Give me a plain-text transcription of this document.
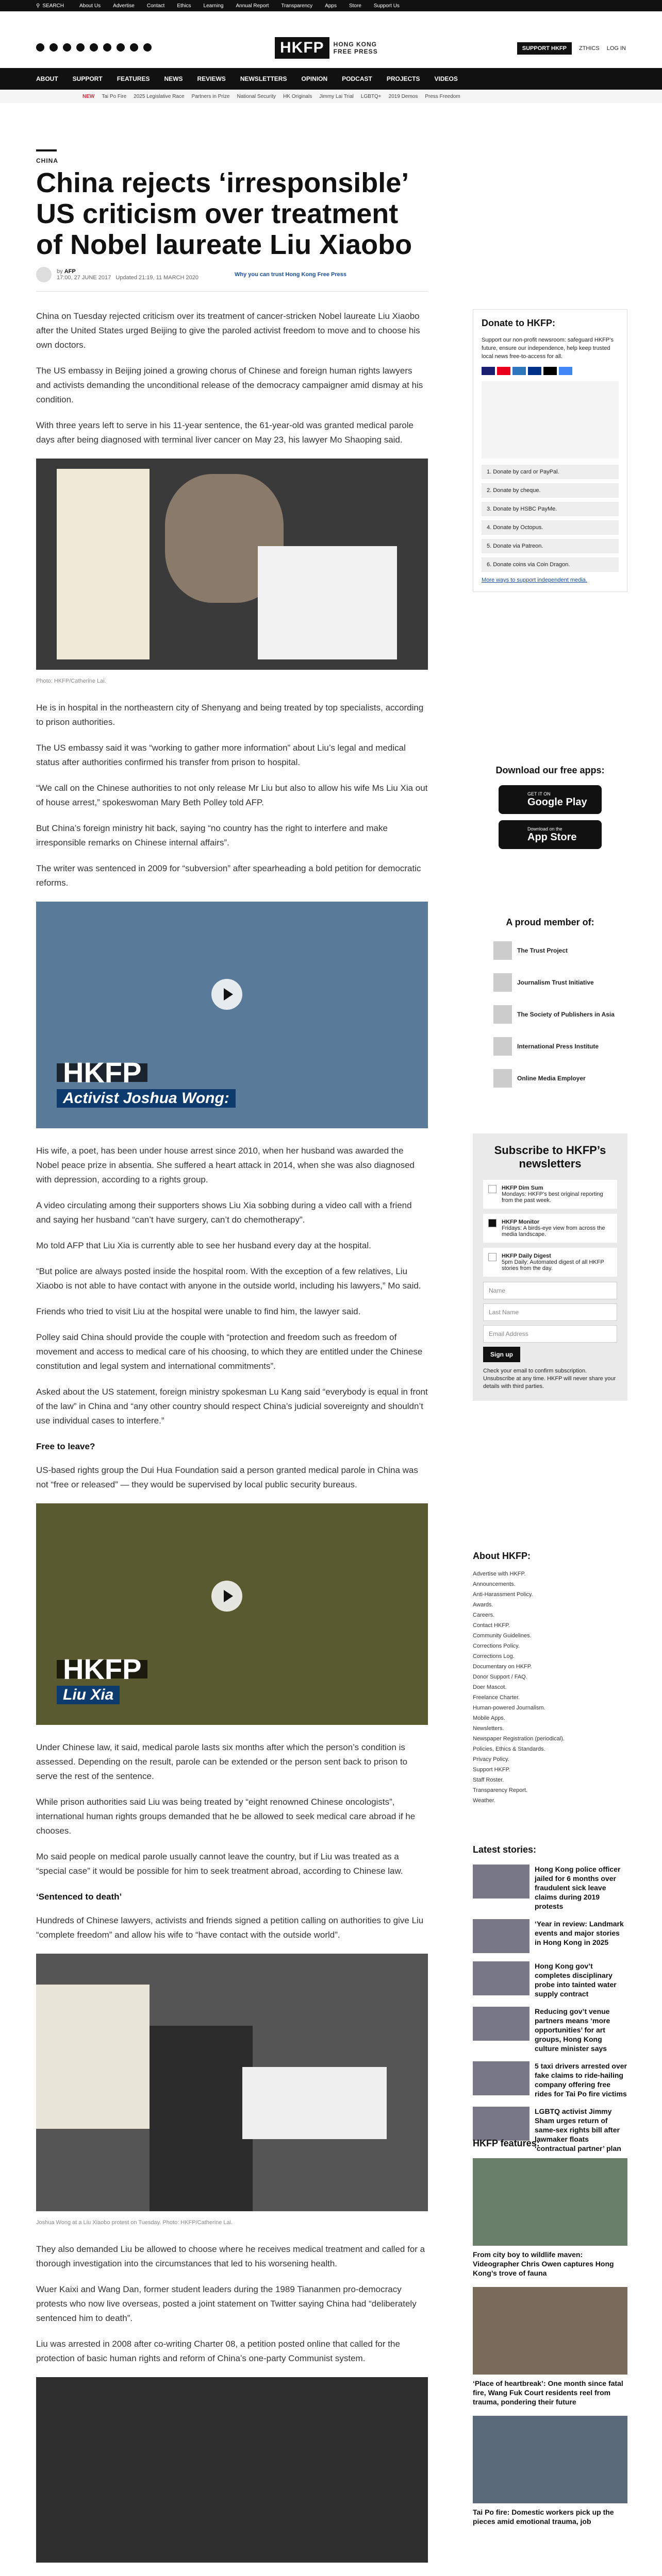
⚲ SEARCH	About Us Advertise Contact Ethics Learning Annual Report Transparency Apps Store Support Us
HKFP	HONG KONG
FREE PRESS	SUPPORT HKFP	ZTHICS LOG IN
ABOUT SUPPORT FEATURES NEWS REVIEWS NEWSLETTERS OPINION PODCAST PROJECTS VIDEOS
NEW Tai Po Fire 2025 Legislative Race Partners in Prize National Security HK Originals Jimmy Lai Trial LGBTQ+ 2019 Demos Press Freedom
CHINA
China rejects ‘irresponsible’ US criticism over treatment of Nobel laureate Liu Xiaobo
by AFP
17:00, 27 JUNE 2017 Updated 21:19, 11 MARCH 2020	Why you can trust Hong Kong Free Press

China on Tuesday rejected criticism over its treatment of cancer-stricken Nobel laureate Liu Xiaobo after the United States urged Beijing to give the paroled activist freedom to move and to choose his own doctors.

The US embassy in Beijing joined a growing chorus of Chinese and foreign human rights lawyers and activists demanding the unconditional release of the democracy campaigner amid dismay at his condition.

With three years left to serve in his 11-year sentence, the 61-year-old was granted medical parole days after being diagnosed with terminal liver cancer on May 23, his lawyer Mo Shaoping said.

Photo: HKFP/Catherine Lai.

He is in hospital in the northeastern city of Shenyang and being treated by top specialists, according to prison authorities.

The US embassy said it was “working to gather more information” about Liu’s legal and medical status after authorities confirmed his transfer from prison to hospital.

“We call on the Chinese authorities to not only release Mr Liu but also to allow his wife Ms Liu Xia out of house arrest,” spokeswoman Mary Beth Polley told AFP.

But China’s foreign ministry hit back, saying “no country has the right to interfere and make irresponsible remarks on Chinese internal affairs”.

The writer was sentenced in 2009 for “subversion” after spearheading a bold petition for democratic reforms.

HKFP
Activist Joshua Wong:

His wife, a poet, has been under house arrest since 2010, when her husband was awarded the Nobel peace prize in absentia. She suffered a heart attack in 2014, when she was also diagnosed with depression, according to a rights group.

A video circulating among their supporters shows Liu Xia sobbing during a video call with a friend and saying her husband “can’t have surgery, can’t do chemotherapy”.

Mo told AFP that Liu Xia is currently able to see her husband every day at the hospital.

“But police are always posted inside the hospital room. With the exception of a few relatives, Liu Xiaobo is not able to have contact with anyone in the outside world, including his lawyers,” Mo said.

Friends who tried to visit Liu at the hospital were unable to find him, the lawyer said.

Polley said China should provide the couple with “protection and freedom such as freedom of movement and access to medical care of his choosing, to which they are entitled under the Chinese constitution and legal system and international commitments”.

Asked about the US statement, foreign ministry spokesman Lu Kang said “everybody is equal in front of the law” in China and “any other country should respect China’s judicial sovereignty and shouldn’t use individual cases to interfere.”

Free to leave?

US-based rights group the Dui Hua Foundation said a person granted medical parole in China was not “free or released” — they would be supervised by local public security bureaus.

HKFP
Liu Xia

Under Chinese law, it said, medical parole lasts six months after which the person’s condition is assessed. Depending on the result, parole can be extended or the person sent back to prison to serve the rest of the sentence.

While prison authorities said Liu was being treated by “eight renowned Chinese oncologists”, international human rights groups demanded that he be allowed to seek medical care abroad if he chooses.

Mo said people on medical parole usually cannot leave the country, but if Liu was treated as a “special case” it would be possible for him to seek treatment abroad, according to Chinese law.

‘Sentenced to death’

Hundreds of Chinese lawyers, activists and friends signed a petition calling on authorities to give Liu “complete freedom” and allow his wife to “have contact with the outside world”.

Joshua Wong at a Liu Xiaobo protest on Tuesday. Photo: HKFP/Catherine Lai.

They also demanded Liu be allowed to choose where he receives medical treatment and called for a thorough investigation into the circumstances that led to his worsening health.

Wuer Kaixi and Wang Dan, former student leaders during the 1989 Tiananmen pro-democracy protests who now live overseas, posted a joint statement on Twitter saying China had “deliberately sentenced him to death”.

Liu was arrested in 2008 after co-writing Charter 08, a petition posted online that called for the protection of basic human rights and reform of China’s one-party Communist system.

Donate to HKFP:

Support our non-profit newsroom: safeguard HKFP’s future, ensure our independence, help keep trusted local news free-to-access for all.

1. Donate by card or PayPal.
2. Donate by cheque.
3. Donate by HSBC PayMe.
4. Donate by Octopus.
5. Donate via Patreon.
6. Donate coins via Coin Dragon.
More ways to support independent media.
Download our free apps:
GET IT ON
Google Play
Download on the
App Store
A proud member of:
The Trust Project
Journalism Trust Initiative
The Society of Publishers in Asia
International Press Institute
Online Media Employer
Subscribe to HKFP’s newsletters
HKFP Dim Sum
Mondays: HKFP’s best original reporting from the past week.
HKFP Monitor
Fridays: A birds-eye view from across the media landscape.
HKFP Daily Digest
5pm Daily: Automated digest of all HKFP stories from the day.
Name
Last Name
Email Address
Sign up

Check your email to confirm subscription. Unsubscribe at any time. HKFP will never share your details with third parties.

About HKFP:
Advertise with HKFP.
Announcements.
Anti-Harassment Policy.
Awards.
Careers.
Contact HKFP.
Community Guidelines.
Corrections Policy.
Corrections Log.
Documentary on HKFP.
Donor Support / FAQ.
Doer Mascot.
Freelance Charter.
Human-powered Journalism.
Mobile Apps.
Newsletters.
Newspaper Registration (periodical).
Policies, Ethics & Standards.
Privacy Policy.
Support HKFP.
Staff Roster.
Transparency Report.
Weather.
Latest stories:
Hong Kong police officer jailed for 6 months over fraudulent sick leave claims during 2019 protests
‘Year in review: Landmark events and major stories in Hong Kong in 2025
Hong Kong gov’t completes disciplinary probe into tainted water supply contract
Reducing gov’t venue partners means ‘more opportunities’ for art groups, Hong Kong culture minister says
5 taxi drivers arrested over fake claims to ride-hailing company offering free rides for Tai Po fire victims
LGBTQ activist Jimmy Sham urges return of same-sex rights bill after lawmaker floats ‘contractual partner’ plan
HKFP features:
From city boy to wildlife maven: Videographer Chris Owen captures Hong Kong’s trove of fauna
‘Place of heartbreak’: One month since fatal fire, Wang Fuk Court residents reel from trauma, pondering their future
Tai Po fire: Domestic workers pick up the pieces amid emotional trauma, job
